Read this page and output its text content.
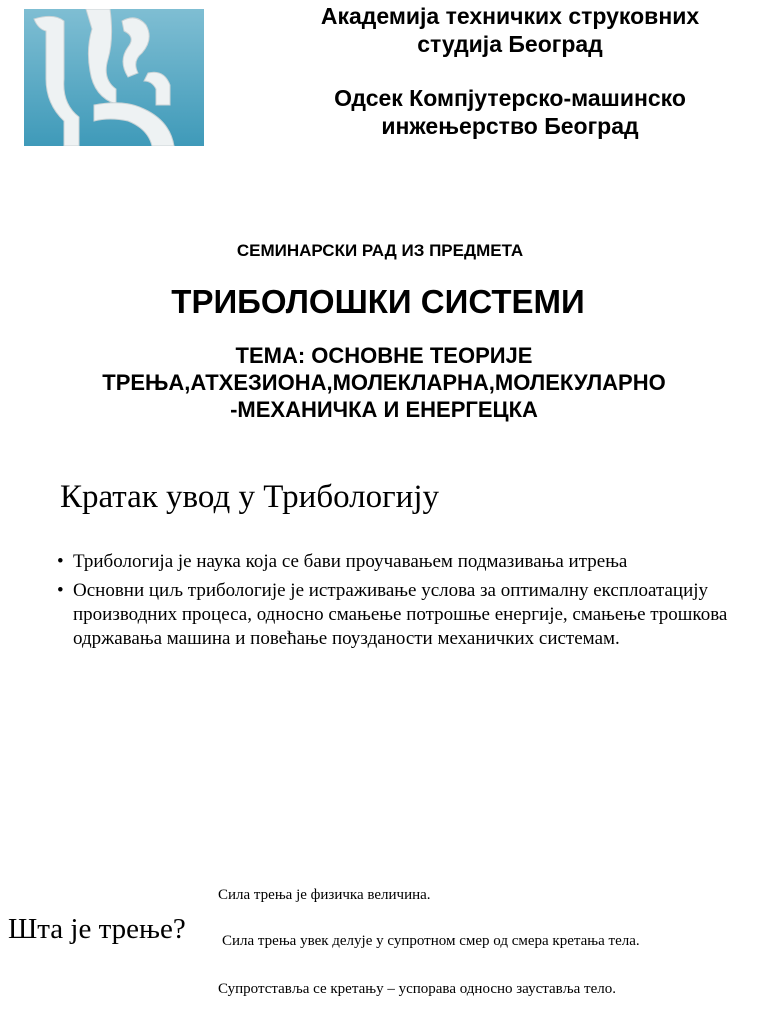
Академија техничких струковних
студија Београд
Одсек Компјутерско-машинско
инжењерство Београд
СЕМИНАРСКИ РАД ИЗ ПРЕДМЕТА
ТРИБОЛОШКИ СИСТЕМИ
ТЕМА: ОСНОВНЕ ТЕОРИЈЕ
ТРЕЊА,АТХЕЗИОНА,МОЛЕКЛАРНА,МОЛЕКУЛАРНО
-МЕХАНИЧКА И ЕНЕРГЕЦКА
Кратак увод у Трибологију
• Трибологија је наука која се бави проучавањем подмазивања итрења
• Основни циљ трибологије је истраживање услова за оптималну експлоатацију производних процеса, односно смањење потрошње енергије, смањење трошкова одржавања машина и повећање поузданости механичких системам.
Сила трења је физичка величина.
Шта је трење? Сила трења увек делује у супротном смер од смера кретања тела.
Супротставља се кретању – успорава односно зауставља тело.
